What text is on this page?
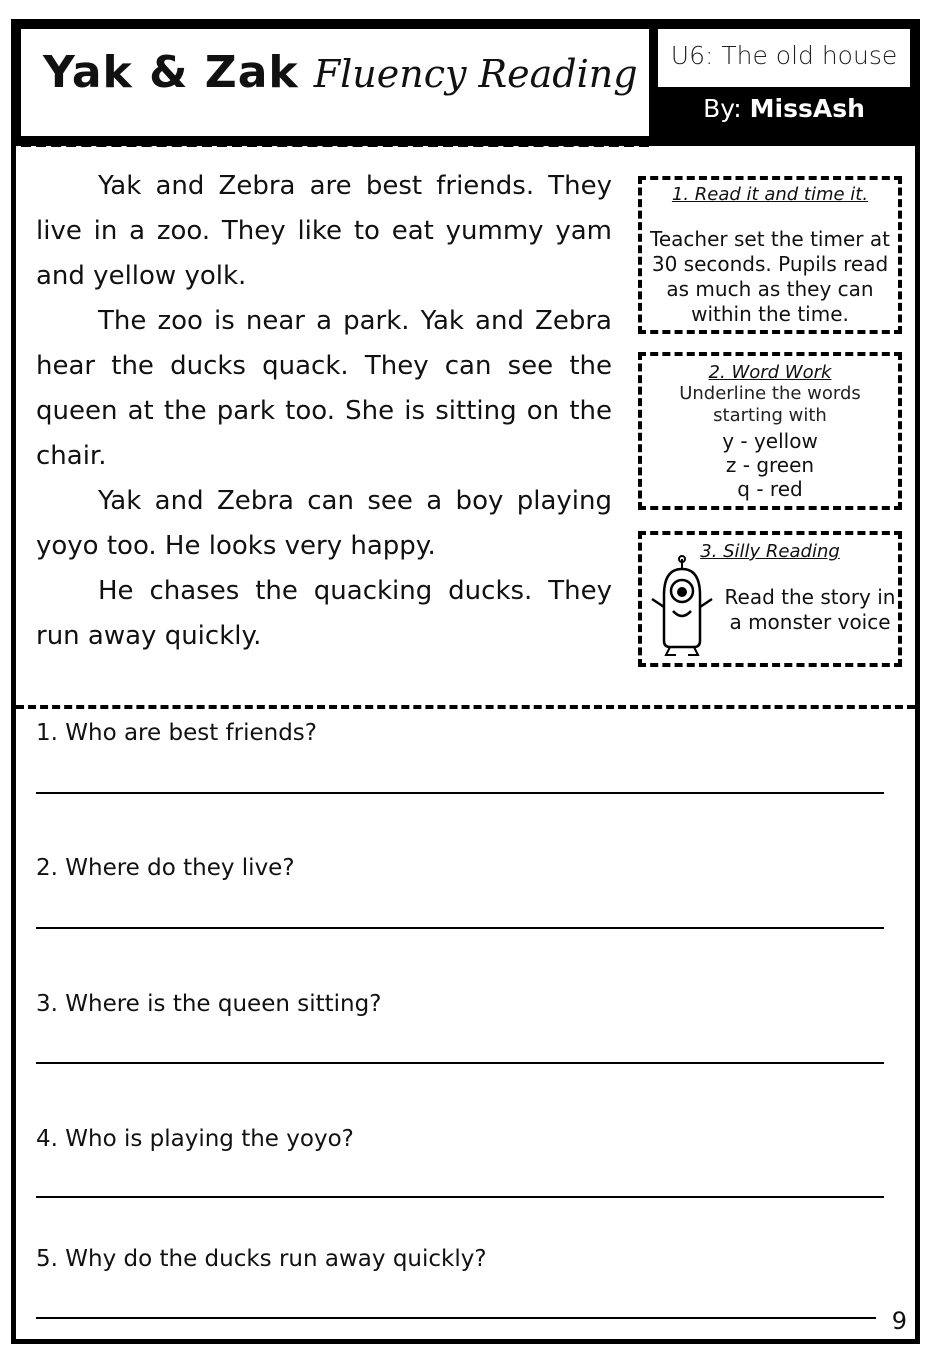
Yak & Zak Fluency Reading	U6: The old house
By: MissAsh

Yak and Zebra are best friends. They live in a zoo. They like to eat yummy yam and yellow yolk.

The zoo is near a park. Yak and Zebra hear the ducks quack. They can see the queen at the park too. She is sitting on the chair.

Yak and Zebra can see a boy playing yoyo too. He looks very happy.

He chases the quacking ducks. They run away quickly.

1. Read it and time it.
Teacher set the timer at 30 seconds. Pupils read as much as they can within the time.
2. Word Work
Underline the words starting with
y - yellow
z - green
q - red
3. Silly Reading
Read the story in a monster voice
1. Who are best friends?
2. Where do they live?
3. Where is the queen sitting?
4. Who is playing the yoyo?
5. Why do the ducks run away quickly?
9
